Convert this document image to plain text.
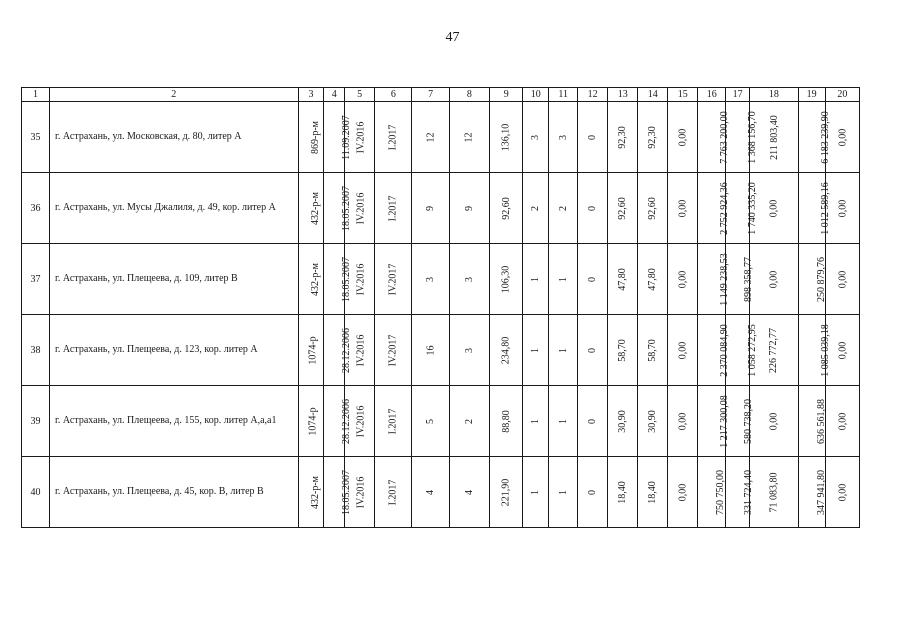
47
1	2	3	4	5	6	7	8	9	10	11	12	13	14	15	16	17	18	19	20
35	г. Астрахань, ул. Московская, д. 80, литер А	869-р-м	11.09.2007	IV.2016	I.2017	12	12	136,10	3	3	0	92,30	92,30	0,00	7 763 200,00	1 368 156,70	211 803,40	6 183 239,90	0,00
36	г. Астрахань, ул. Мусы Джалиля, д. 49, кор. литер А	432-р-м	18.05.2007	IV.2016	I.2017	9	9	92,60	2	2	0	92,60	92,60	0,00	2 752 924,36	1 740 335,20	0,00	1 012 589,16	0,00
37	г. Астрахань, ул. Плещеева, д. 109, литер В	432-р-м	18.05.2007	IV.2016	IV.2017	3	3	106,30	1	1	0	47,80	47,80	0,00	1 149 238,53	898 358,77	0,00	250 879,76	0,00
38	г. Астрахань, ул. Плещеева, д. 123, кор. литер А	1074-р	28.12.2006	IV.2016	IV.2017	16	3	234,80	1	1	0	58,70	58,70	0,00	2 370 084,90	1 058 272,95	226 772,77	1 085 039,18	0,00
39	г. Астрахань, ул. Плещеева, д. 155, кор. литер А,а,а1	1074-р	28.12.2006	IV.2016	I.2017	5	2	88,80	1	1	0	30,90	30,90	0,00	1 217 300,08	580 738,20	0,00	636 561,88	0,00
40	г. Астрахань, ул. Плещеева, д. 45, кор. В, литер В	432-р-м	18.05.2007	IV.2016	I.2017	4	4	221,90	1	1	0	18,40	18,40	0,00	750 750,00	331 724,40	71 083,80	347 941,80	0,00
